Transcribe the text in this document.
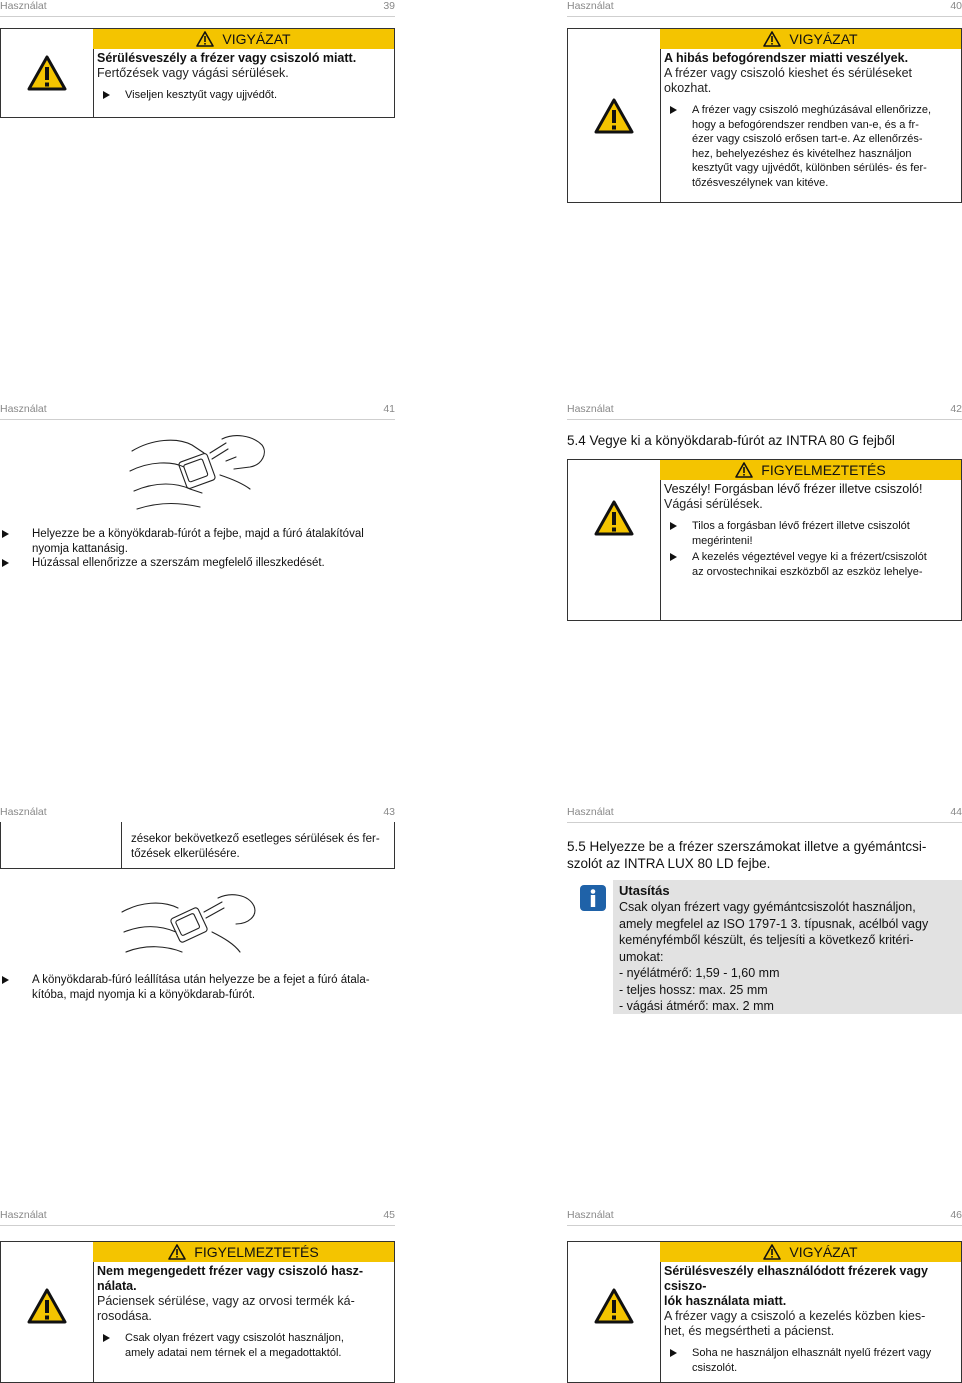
Használat	39
VIGYÁZAT
Sérülésveszély a frézer vagy csiszoló miatt.
Fertőzések vagy vágási sérülések.
Viseljen kesztyűt vagy ujjvédőt.
Használat	40
VIGYÁZAT
A hibás befogórendszer miatti veszélyek.
A frézer vagy csiszoló kieshet és sérüléseket
okozhat.
A frézer vagy csiszoló meghúzásával ellenőrizze,
hogy a befogórendszer rendben van-e, és a fr-
ézer vagy csiszoló erősen tart-e. Az ellenőrzés-
hez, behelyezéshez és kivételhez használjon
kesztyűt vagy ujjvédőt, különben sérülés- és fer-
tőzésveszélynek van kitéve.
Használat	41
Helyezze be a könyökdarab-fúrót a fejbe, majd a fúró átalakítóval
nyomja kattanásig.
Húzással ellenőrizze a szerszám megfelelő illeszkedését.
Használat	42
5.4 Vegye ki a könyökdarab-fúrót az INTRA 80 G fejből
FIGYELMEZTETÉS
Veszély! Forgásban lévő frézer illetve csiszoló!
Vágási sérülések.
Tilos a forgásban lévő frézert illetve csiszolót
megérinteni!
A kezelés végeztével vegye ki a frézert/csiszolót
az orvostechnikai eszközből az eszköz lehelye-
Használat	43
zésekor bekövetkező esetleges sérülések és fer-
tőzések elkerülésére.
A könyökdarab-fúró leállítása után helyezze be a fejet a fúró átala-
kítóba, majd nyomja ki a könyökdarab-fúrót.
Használat	44
5.5 Helyezze be a frézer szerszámokat illetve a gyémántcsi-
szolót az INTRA LUX 80 LD fejbe.
Utasítás
Csak olyan frézert vagy gyémántcsiszolót használjon,
amely megfelel az ISO 1797-1 3. típusnak, acélból vagy
keményfémből készült, és teljesíti a következő kritéri-
umokat:
- nyélátmérő: 1,59 - 1,60 mm
- teljes hossz: max. 25 mm
- vágási átmérő: max. 2 mm
Használat	45
FIGYELMEZTETÉS
Nem megengedett frézer vagy csiszoló hasz-
nálata.
Páciensek sérülése, vagy az orvosi termék ká-
rosodása.
Csak olyan frézert vagy csiszolót használjon,
amely adatai nem térnek el a megadottaktól.
Használat	46
VIGYÁZAT
Sérülésveszély elhasználódott frézerek vagy csiszo-
lók használata miatt.
A frézer vagy a csiszoló a kezelés közben kies-
het, és megsértheti a pácienst.
Soha ne használjon elhasznált nyelű frézert vagy
csiszolót.
